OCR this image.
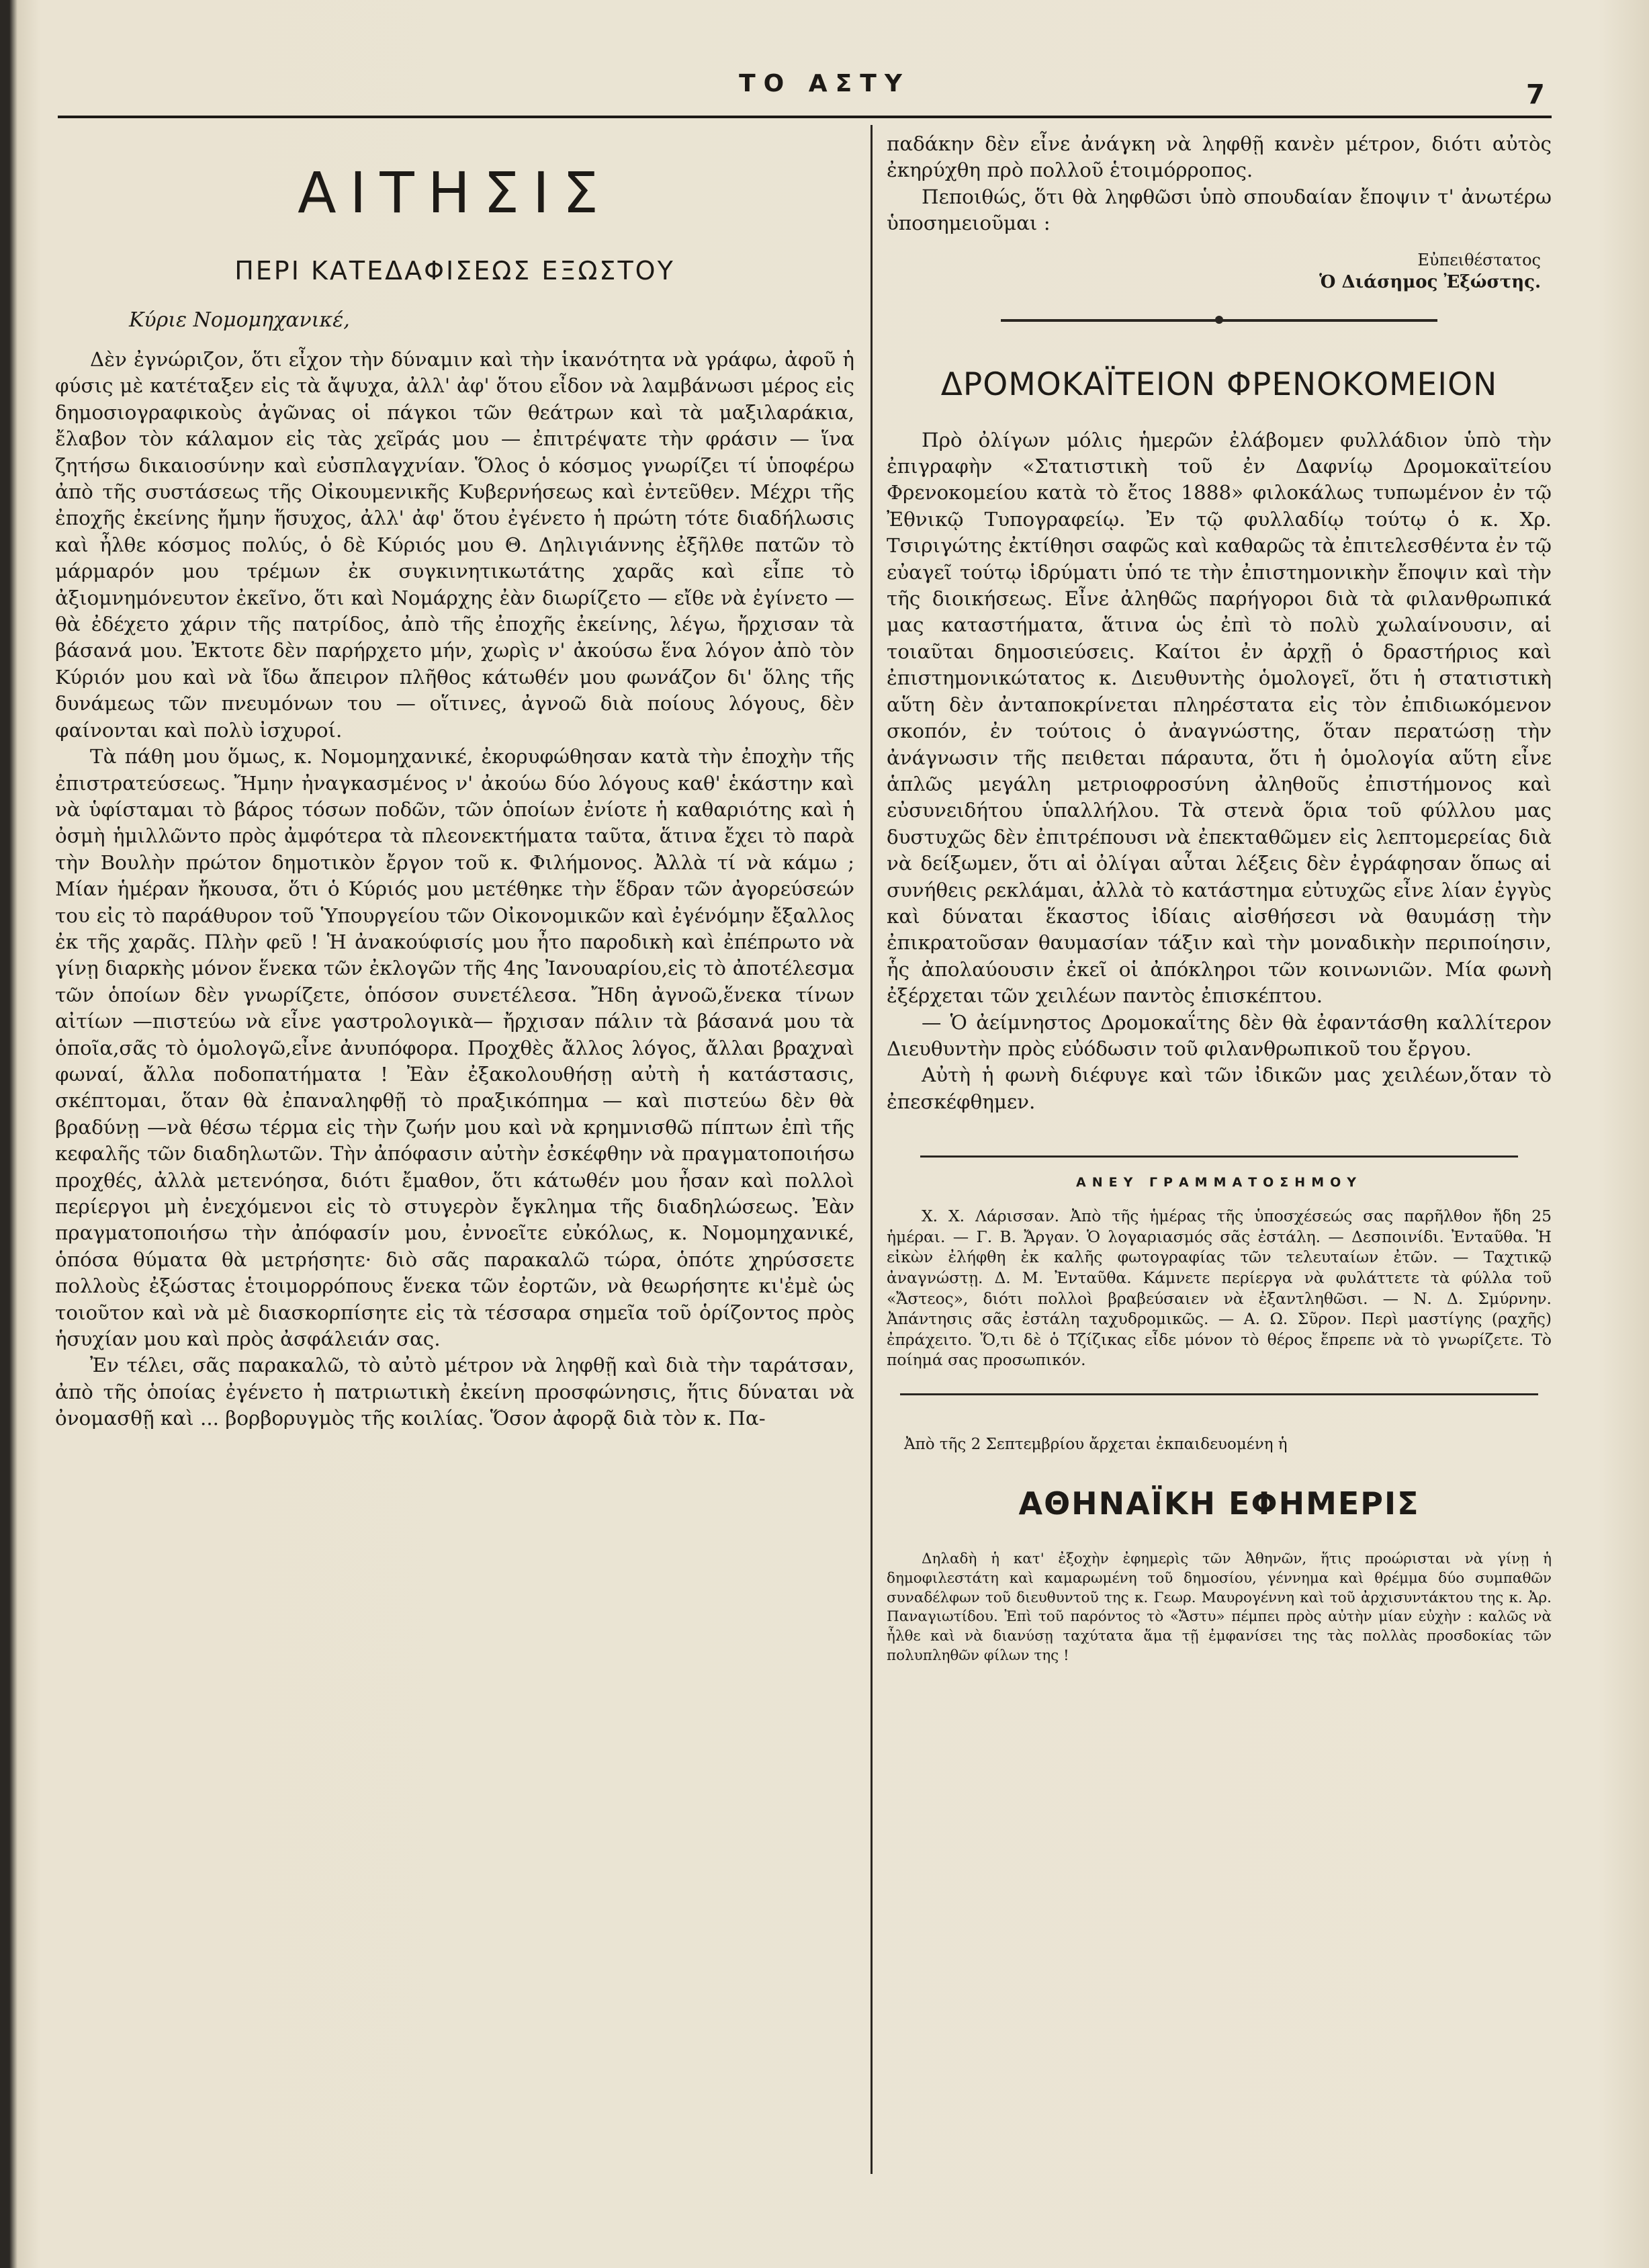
ΤΟ ΑΣΤΥ	7
ΑΙΤΗΣΙΣ
ΠΕΡΙ ΚΑΤΕΔΑΦΙΣΕΩΣ ΕΞΩΣΤΟΥ
Κύριε Νομομηχανικέ,

Δὲν ἐγνώριζον, ὅτι εἶχον τὴν δύναμιν καὶ τὴν ἱκανότητα νὰ γράφω, ἀφοῦ ἡ φύσις μὲ κατέταξεν εἰς τὰ ἄψυχα, ἀλλ' ἀφ' ὅτου εἶδον νὰ λαμβάνωσι μέρος εἰς δημοσιογραφικοὺς ἀγῶνας οἱ πάγκοι τῶν θεάτρων καὶ τὰ μαξιλαράκια, ἔλαβον τὸν κάλαμον εἰς τὰς χεῖράς μου — ἐπιτρέψατε τὴν φράσιν — ἵνα ζητήσω δικαιοσύνην καὶ εὐσπλαγχνίαν. Ὅλος ὁ κόσμος γνωρίζει τί ὑποφέρω ἀπὸ τῆς συστάσεως τῆς Οἰκουμενικῆς Κυβερνήσεως καὶ ἐντεῦθεν. Μέχρι τῆς ἐποχῆς ἐκείνης ἤμην ἥσυχος, ἀλλ' ἀφ' ὅτου ἐγένετο ἡ πρώτη τότε διαδήλωσις καὶ ἦλθε κόσμος πολύς, ὁ δὲ Κύριός μου Θ. Δηλιγιάννης ἐξῆλθε πατῶν τὸ μάρμαρόν μου τρέμων ἐκ συγκινητικωτάτης χαρᾶς καὶ εἶπε τὸ ἀξιομνημόνευτον ἐκεῖνο, ὅτι καὶ Νομάρχης ἐὰν διωρίζετο — εἴθε νὰ ἐγίνετο — θὰ ἐδέχετο χάριν τῆς πατρίδος, ἀπὸ τῆς ἐποχῆς ἐκείνης, λέγω, ἤρχισαν τὰ βάσανά μου. Ἐκτοτε δὲν παρήρχετο μήν, χωρὶς ν' ἀκούσω ἕνα λόγον ἀπὸ τὸν Κύριόν μου καὶ νὰ ἴδω ἄπειρον πλῆθος κάτωθέν μου φωνάζον δι' ὅλης τῆς δυνάμεως τῶν πνευμόνων του — οἵτινες, ἀγνοῶ διὰ ποίους λόγους, δὲν φαίνονται καὶ πολὺ ἰσχυροί.

Τὰ πάθη μου ὅμως, κ. Νομομηχανικέ, ἐκορυφώθησαν κατὰ τὴν ἐποχὴν τῆς ἐπιστρατεύσεως. Ἤμην ἠναγκασμένος ν' ἀκούω δύο λόγους καθ' ἑκάστην καὶ νὰ ὑφίσταμαι τὸ βάρος τόσων ποδῶν, τῶν ὁποίων ἐνίοτε ἡ καθαριότης καὶ ἡ ὀσμὴ ἡμιλλῶντο πρὸς ἀμφότερα τὰ πλεονεκτήματα ταῦτα, ἅτινα ἔχει τὸ παρὰ τὴν Βουλὴν πρώτον δημοτικὸν ἔργον τοῦ κ. Φιλήμονος. Ἀλλὰ τί νὰ κάμω ; Μίαν ἡμέραν ἤκουσα, ὅτι ὁ Κύριός μου μετέθηκε τὴν ἕδραν τῶν ἀγορεύσεών του εἰς τὸ παράθυρον τοῦ Ὑπουργείου τῶν Οἰκονομικῶν καὶ ἐγένόμην ἔξαλλος ἐκ τῆς χαρᾶς. Πλὴν φεῦ ! Ἡ ἀνακούφισίς μου ἦτο παροδικὴ καὶ ἐπέπρωτο νὰ γίνῃ διαρκὴς μόνον ἕνεκα τῶν ἐκλογῶν τῆς 4ης Ἰανουαρίου,εἰς τὸ ἀποτέλεσμα τῶν ὁποίων δὲν γνωρίζετε, ὁπόσον συνετέλεσα. Ἤδη ἀγνοῶ,ἕνεκα τίνων αἰτίων —πιστεύω νὰ εἶνε γαστρολογικὰ— ἤρχισαν πάλιν τὰ βάσανά μου τὰ ὁποῖα,σᾶς τὸ ὁμολογῶ,εἶνε ἀνυπόφορα. Προχθὲς ἄλλος λόγος, ἄλλαι βραχναὶ φωναί, ἄλλα ποδοπατήματα ! Ἐὰν ἐξακολουθήσῃ αὐτὴ ἡ κατάστασις, σκέπτομαι, ὅταν θὰ ἐπαναληφθῇ τὸ πραξικόπημα — καὶ πιστεύω δὲν θὰ βραδύνῃ —νὰ θέσω τέρμα εἰς τὴν ζωήν μου καὶ νὰ κρημνισθῶ πίπτων ἐπὶ τῆς κεφαλῆς τῶν διαδηλωτῶν. Τὴν ἀπόφασιν αὐτὴν ἐσκέφθην νὰ πραγματοποιήσω προχθές, ἀλλὰ μετενόησα, διότι ἔμαθον, ὅτι κάτωθέν μου ἦσαν καὶ πολλοὶ περίεργοι μὴ ἐνεχόμενοι εἰς τὸ στυγερὸν ἔγκλημα τῆς διαδηλώσεως. Ἐὰν πραγματοποιήσω τὴν ἀπόφασίν μου, ἐννοεῖτε εὐκόλως, κ. Νομομηχανικέ, ὁπόσα θύματα θὰ μετρήσητε· διὸ σᾶς παρακαλῶ τώρα, ὁπότε χηρύσσετε πολλοὺς ἐξώστας ἑτοιμορρόπους ἕνεκα τῶν ἐορτῶν, νὰ θεωρήσητε κι'ἐμὲ ὡς τοιοῦτον καὶ νὰ μὲ διασκορπίσητε εἰς τὰ τέσσαρα σημεῖα τοῦ ὁρίζοντος πρὸς ἡσυχίαν μου καὶ πρὸς ἀσφάλειάν σας.

Ἐν τέλει, σᾶς παρακαλῶ, τὸ αὐτὸ μέτρον νὰ ληφθῇ καὶ διὰ τὴν ταράτσαν, ἀπὸ τῆς ὁποίας ἐγένετο ἡ πατριωτικὴ ἐκείνη προσφώνησις, ἥτις δύναται νὰ ὀνομασθῇ καὶ ... βορβορυγμὸς τῆς κοιλίας. Ὅσον ἀφορᾷ διὰ τὸν κ. Πα-

παδάκην δὲν εἶνε ἀνάγκη νὰ ληφθῇ κανὲν μέτρον, διότι αὐτὸς ἐκηρύχθη πρὸ πολλοῦ ἑτοιμόρροπος.

Πεποιθώς, ὅτι θὰ ληφθῶσι ὑπὸ σπουδαίαν ἔποψιν τ' ἀνωτέρω ὑποσημειοῦμαι :

Εὐπειθέστατος
Ὁ Διάσημος Ἐξώστης.
ΔΡΟΜΟΚΑΪΤΕΙΟΝ ΦΡΕΝΟΚΟΜΕΙΟΝ

Πρὸ ὀλίγων μόλις ἡμερῶν ἐλάβομεν φυλλάδιον ὑπὸ τὴν ἐπιγραφὴν «Στατιστικὴ τοῦ ἐν Δαφνίῳ Δρομοκαϊτείου Φρενοκομείου κατὰ τὸ ἔτος 1888» φιλοκάλως τυπωμένον ἐν τῷ Ἐθνικῷ Τυπογραφείῳ. Ἐν τῷ φυλλαδίῳ τούτῳ ὁ κ. Χρ. Τσιριγώτης ἐκτίθησι σαφῶς καὶ καθαρῶς τὰ ἐπιτελεσθέντα ἐν τῷ εὐαγεῖ τούτῳ ἱδρύματι ὑπό τε τὴν ἐπιστημονικὴν ἔποψιν καὶ τὴν τῆς διοικήσεως. Εἶνε ἀληθῶς παρήγοροι διὰ τὰ φιλανθρωπικά μας καταστήματα, ἅτινα ὡς ἐπὶ τὸ πολὺ χωλαίνουσιν, αἱ τοιαῦται δημοσιεύσεις. Καίτοι ἐν ἀρχῇ ὁ δραστήριος καὶ ἐπιστημονικώτατος κ. Διευθυντὴς ὁμολογεῖ, ὅτι ἡ στατιστικὴ αὕτη δὲν ἀνταποκρίνεται πληρέστατα εἰς τὸν ἐπιδιωκόμενον σκοπόν, ἐν τούτοις ὁ ἀναγνώστης, ὅταν περατώσῃ τὴν ἀνάγνωσιν τῆς πειθεται πάραυτα, ὅτι ἡ ὁμολογία αὕτη εἶνε ἁπλῶς μεγάλη μετριοφροσύνη ἀληθοῦς ἐπιστήμονος καὶ εὐσυνειδήτου ὑπαλλήλου. Τὰ στενὰ ὅρια τοῦ φύλλου μας δυστυχῶς δὲν ἐπιτρέπουσι νὰ ἐπεκταθῶμεν εἰς λεπτομερείας διὰ νὰ δείξωμεν, ὅτι αἱ ὀλίγαι αὗται λέξεις δὲν ἐγράφησαν ὅπως αἱ συνήθεις ρεκλάμαι, ἀλλὰ τὸ κατάστημα εὐτυχῶς εἶνε λίαν ἐγγὺς καὶ δύναται ἕκαστος ἰδίαις αἰσθήσεσι νὰ θαυμάσῃ τὴν ἐπικρατοῦσαν θαυμασίαν τάξιν καὶ τὴν μοναδικὴν περιποίησιν, ἧς ἀπολαύουσιν ἐκεῖ οἱ ἀπόκληροι τῶν κοινωνιῶν. Μία φωνὴ ἐξέρχεται τῶν χειλέων παντὸς ἐπισκέπτου.

— Ὁ ἀείμνηστος Δρομοκαΐτης δὲν θὰ ἐφαντάσθη καλλίτερον Διευθυντὴν πρὸς εὐόδωσιν τοῦ φιλανθρωπικοῦ του ἔργου.

Αὐτὴ ἡ φωνὴ διέφυγε καὶ τῶν ἰδικῶν μας χειλέων,ὅταν τὸ ἐπεσκέφθημεν.

ΑΝΕΥ ΓΡΑΜΜΑΤΟΣΗΜΟΥ

Χ. Χ. Λάρισσαν. Ἀπὸ τῆς ἡμέρας τῆς ὑποσχέσεώς σας παρῆλθον ἤδη 25 ἡμέραι. — Γ. Β. Ἄργαν. Ὁ λογαριασμός σᾶς ἐστάλη. — Δεσποινίδι. Ἐνταῦθα. Ἡ εἰκὼν ἐλήφθη ἐκ καλῆς φωτογραφίας τῶν τελευταίων ἐτῶν. — Ταχτικῷ ἀναγνώστῃ. Δ. Μ. Ἐνταῦθα. Κάμνετε περίεργα νὰ φυλάττετε τὰ φύλλα τοῦ «Ἄστεος», διότι πολλοὶ βραβεύσαιεν νὰ ἐξαντληθῶσι. — Ν. Δ. Σμύρνην. Ἀπάντησις σᾶς ἐστάλη ταχυδρομικῶς. — Α. Ω. Σῦρον. Περὶ μαστίγης (ραχῆς) ἐπράχειτο. Ὅ,τι δὲ ὁ Τζίζικας εἶδε μόνον τὸ θέρος ἔπρεπε νὰ τὸ γνωρίζετε. Τὸ ποίημά σας προσωπικόν.

Ἀπὸ τῆς 2 Σεπτεμβρίου ἄρχεται ἐκπαιδευομένη ἡ
ΑΘΗΝΑΪΚΗ ΕΦΗΜΕΡΙΣ

Δηλαδὴ ἡ κατ' ἐξοχὴν ἐφημερὶς τῶν Ἀθηνῶν, ἥτις προώρισται νὰ γίνῃ ἡ δημοφιλεστάτη καὶ καμαρωμένη τοῦ δημοσίου, γέννημα καὶ θρέμμα δύο συμπαθῶν συναδέλφων τοῦ διευθυντοῦ της κ. Γεωρ. Μαυρογέννη καὶ τοῦ ἀρχισυντάκτου της κ. Ἀρ. Παναγιωτίδου. Ἐπὶ τοῦ παρόντος τὸ «Ἄστυ» πέμπει πρὸς αὐτὴν μίαν εὐχὴν : καλῶς νὰ ἦλθε καὶ νὰ διανύσῃ ταχύτατα ἅμα τῇ ἐμφανίσει της τὰς πολλὰς προσδοκίας τῶν πολυπληθῶν φίλων της !
